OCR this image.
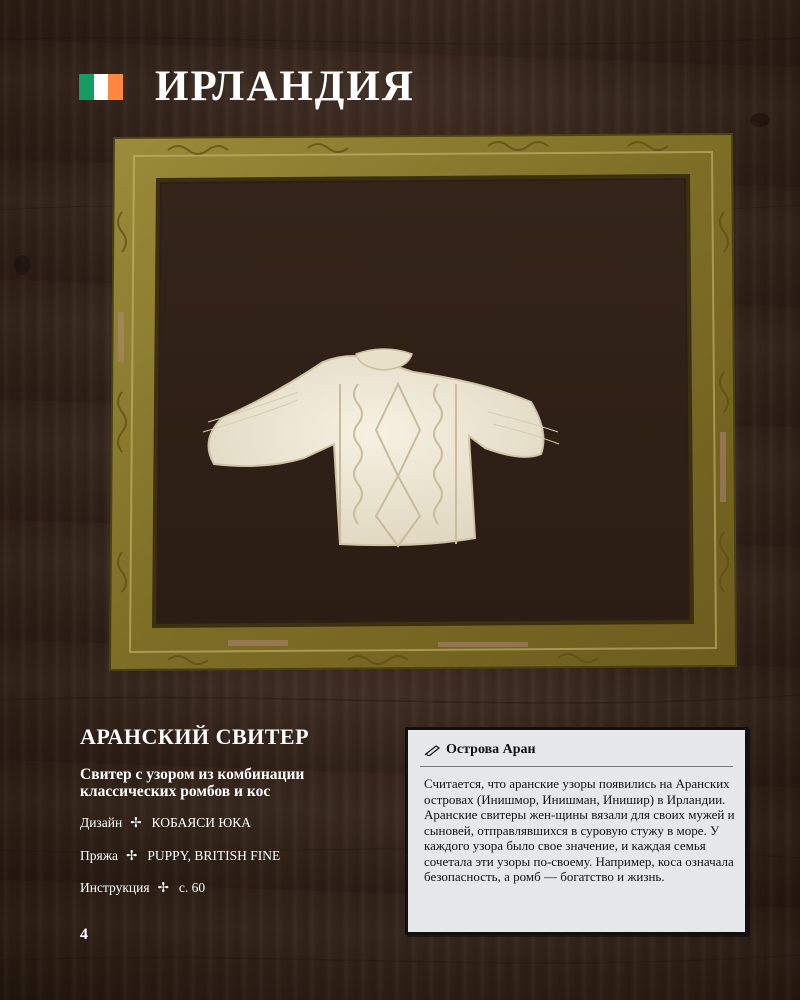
ИРЛАНДИЯ
АРАНСКИЙ СВИТЕР
Свитер с узором из комбинации классических ромбов и кос
Дизайн ✢ КОБАЯСИ ЮКА
Пряжа ✢ PUPPY, BRITISH FINE
Инструкция ✢ с. 60
4
Острова Аран
Считается, что аранские узоры появились на Аранских островах (Инишмор, Инишман, Инишир) в Ирландии. Аранские свитеры жен-щины вязали для своих мужей и сыновей, отправлявшихся в суровую стужу в море. У каждого узора было свое значение, и каждая семья сочетала эти узоры по-своему. Например, коса означала безопасность, а ромб — богатство и жизнь.
